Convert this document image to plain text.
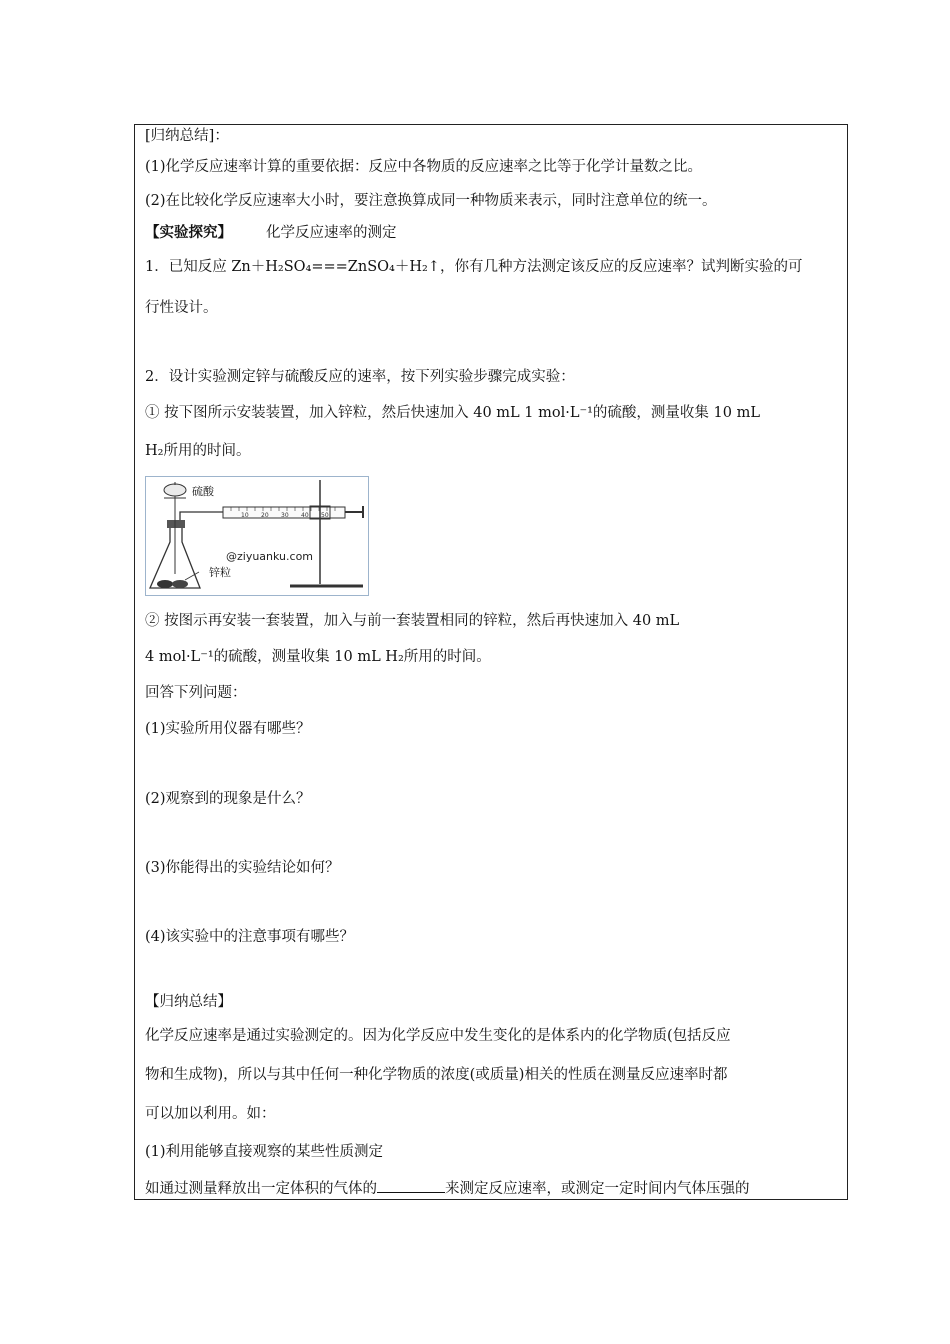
[归纳总结]：
(1)化学反应速率计算的重要依据：反应中各物质的反应速率之比等于化学计量数之比。
(2)在比较化学反应速率大小时，要注意换算成同一种物质来表示，同时注意单位的统一。
【实验探究】 化学反应速率的测定
1．已知反应 Zn＋H₂SO₄===ZnSO₄＋H₂↑，你有几种方法测定该反应的反应速率？试判断实验的可
行性设计。
2．设计实验测定锌与硫酸反应的速率，按下列实验步骤完成实验：
① 按下图所示安装装置，加入锌粒，然后快速加入 40 mL 1 mol·L⁻¹的硫酸，测量收集 10 mL
H₂所用的时间。
10 20 30 40 50
硫酸
锌粒
@ziyuanku.com
② 按图示再安装一套装置，加入与前一套装置相同的锌粒，然后再快速加入 40 mL
4 mol·L⁻¹的硫酸，测量收集 10 mL H₂所用的时间。
回答下列问题：
(1)实验所用仪器有哪些？
(2)观察到的现象是什么？
(3)你能得出的实验结论如何？
(4)该实验中的注意事项有哪些？
【归纳总结】
化学反应速率是通过实验测定的。因为化学反应中发生变化的是体系内的化学物质(包括反应
物和生成物)，所以与其中任何一种化学物质的浓度(或质量)相关的性质在测量反应速率时都
可以加以利用。如：
(1)利用能够直接观察的某些性质测定
如通过测量释放出一定体积的气体的	来测定反应速率，或测定一定时间内气体压强的
